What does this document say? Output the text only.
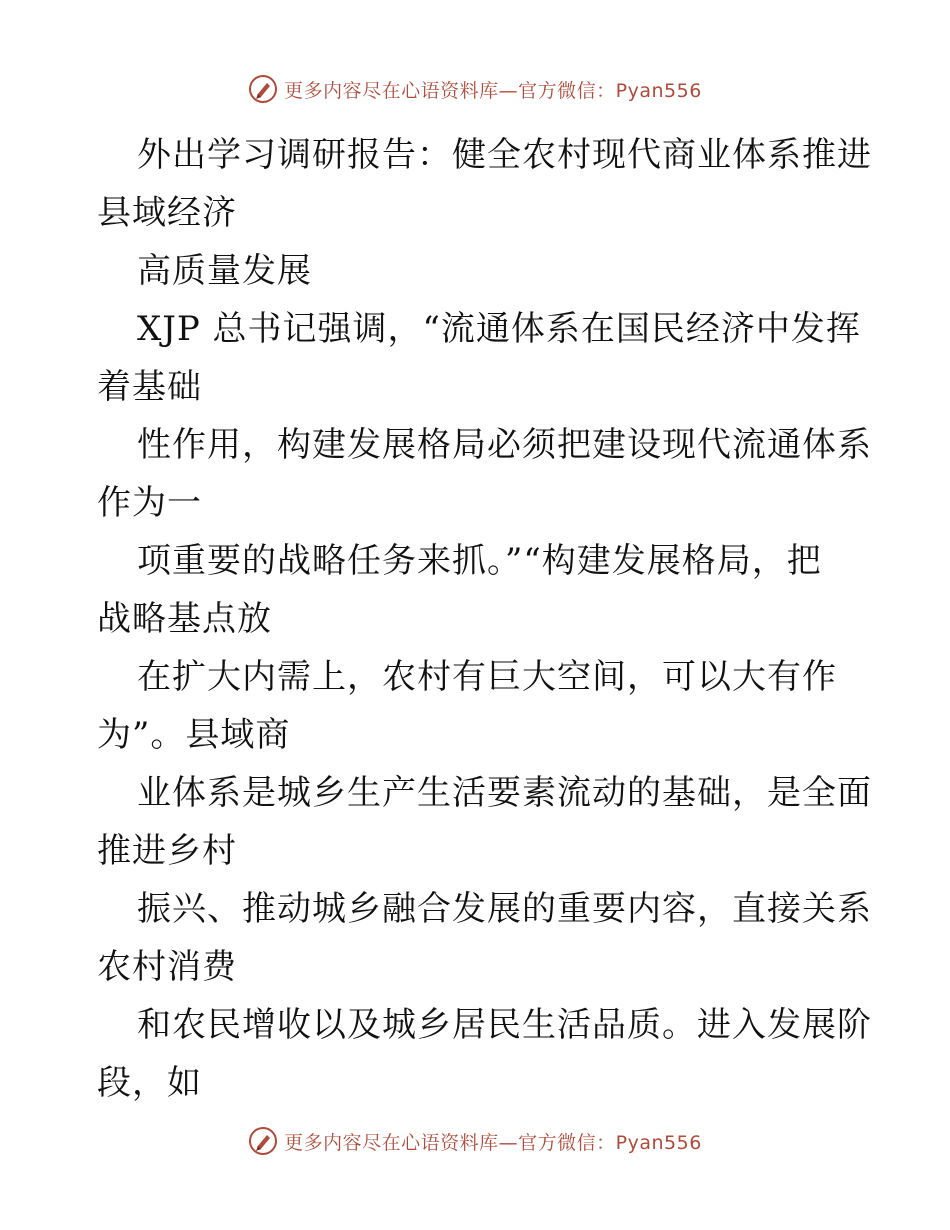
更多内容尽在心语资料库—官方微信：Pyan556
外出学习调研报告：健全农村现代商业体系推进
县域经济
高质量发展
XJP 总书记强调，“流通体系在国民经济中发挥
着基础
性作用，构建发展格局必须把建设现代流通体系
作为一
项重要的战略任务来抓。”“构建发展格局，把
战略基点放
在扩大内需上，农村有巨大空间，可以大有作
为”。县域商
业体系是城乡生产生活要素流动的基础，是全面
推进乡村
振兴、推动城乡融合发展的重要内容，直接关系
农村消费
和农民增收以及城乡居民生活品质。进入发展阶
段，如
更多内容尽在心语资料库—官方微信：Pyan556
